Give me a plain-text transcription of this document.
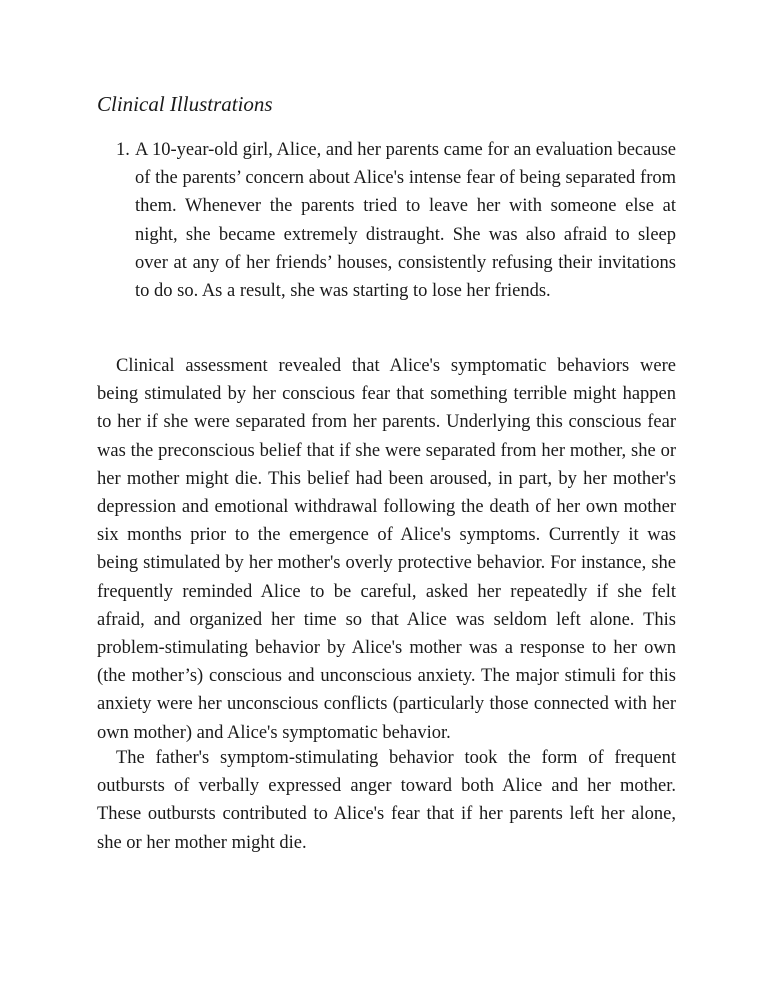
Clinical Illustrations
1. A 10-year-old girl, Alice, and her parents came for an evaluation because of the parents’ concern about Alice's intense fear of being separated from them. Whenever the parents tried to leave her with someone else at night, she became extremely distraught. She was also afraid to sleep over at any of her friends’ houses, consistently refusing their invitations to do so. As a result, she was starting to lose her friends.

Clinical assessment revealed that Alice's symptomatic behaviors were being stimulated by her conscious fear that something terrible might happen to her if she were separated from her parents. Underlying this conscious fear was the preconscious belief that if she were separated from her mother, she or her mother might die. This belief had been aroused, in part, by her mother's depression and emotional withdrawal following the death of her own mother six months prior to the emergence of Alice's symptoms. Currently it was being stimulated by her mother's overly protective behavior. For instance, she frequently reminded Alice to be careful, asked her repeatedly if she felt afraid, and organized her time so that Alice was seldom left alone. This problem-stimulating behavior by Alice's mother was a response to her own (the mother’s) conscious and unconscious anxiety. The major stimuli for this anxiety were her unconscious conflicts (particularly those connected with her own mother) and Alice's symptomatic behavior.

The father's symptom-stimulating behavior took the form of frequent outbursts of verbally expressed anger toward both Alice and her mother. These outbursts contributed to Alice's fear that if her parents left her alone, she or her mother might die.
